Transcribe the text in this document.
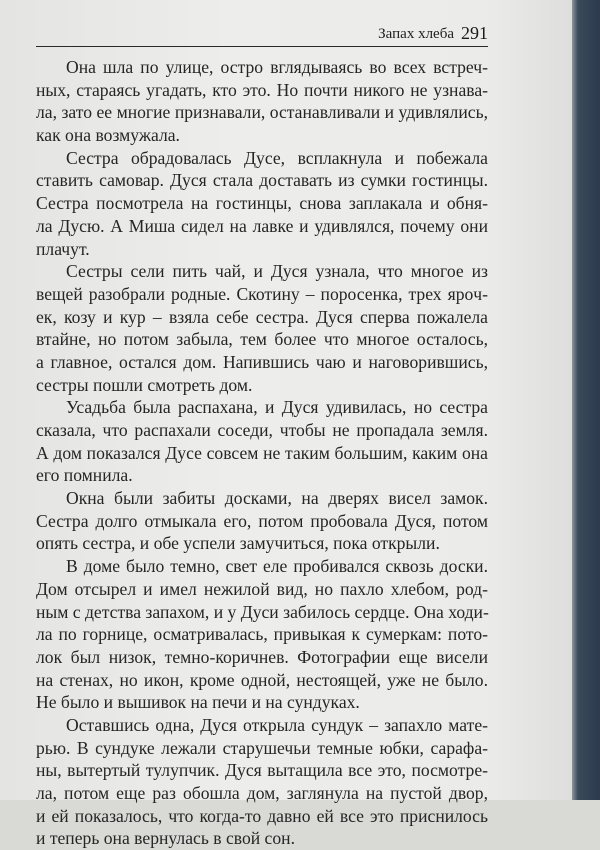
Запах хлеба 291
Она шла по улице, остро вглядываясь во всех встреч-
ных, стараясь угадать, кто это. Но почти никого не узнава-
ла, зато ее многие признавали, останавливали и удивлялись,
как она возмужала.
Сестра обрадовалась Дусе, всплакнула и побежала
ставить самовар. Дуся стала доставать из сумки гостинцы.
Сестра посмотрела на гостинцы, снова заплакала и обня-
ла Дусю. А Миша сидел на лавке и удивлялся, почему они
плачут.
Сестры сели пить чай, и Дуся узнала, что многое из
вещей разобрали родные. Скотину – поросенка, трех ярoч-
ек, козу и кур – взяла себе сестра. Дуся сперва пожалела
втайне, но потом забыла, тем более что многое осталось,
а главное, остался дом. Напившись чаю и наговорившись,
сестры пошли смотреть дом.
Усадьба была распахана, и Дуся удивилась, но сестра
сказала, что распахали соседи, чтобы не пропадала земля.
А дом показался Дусе совсем не таким большим, каким она
его помнила.
Окна были забиты досками, на дверях висел замок.
Сестра долго отмыкала его, потом пробовала Дуся, потом
опять сестра, и обе успели замучиться, пока открыли.
В доме было темно, свет еле пробивался сквозь доски.
Дом отсырел и имел нежилой вид, но пахло хлебом, род-
ным с детства запахом, и у Дуси забилось сердце. Она ходи-
ла по горнице, осматривалась, привыкая к сумеркам: пото-
лок был низок, темно-коричнев. Фотографии еще висели
на стенах, но икон, кроме одной, нестоящей, уже не было.
Не было и вышивок на печи и на сундуках.
Оставшись одна, Дуся открыла сундук – запахло мате-
рью. В сундуке лежали старушечьи темные юбки, сарафа-
ны, вытертый тулупчик. Дуся вытащила все это, посмотре-
ла, потом еще раз обошла дом, заглянула на пустой двор,
и ей показалось, что когда-то давно ей все это приснилось
и теперь она вернулась в свой сон.
